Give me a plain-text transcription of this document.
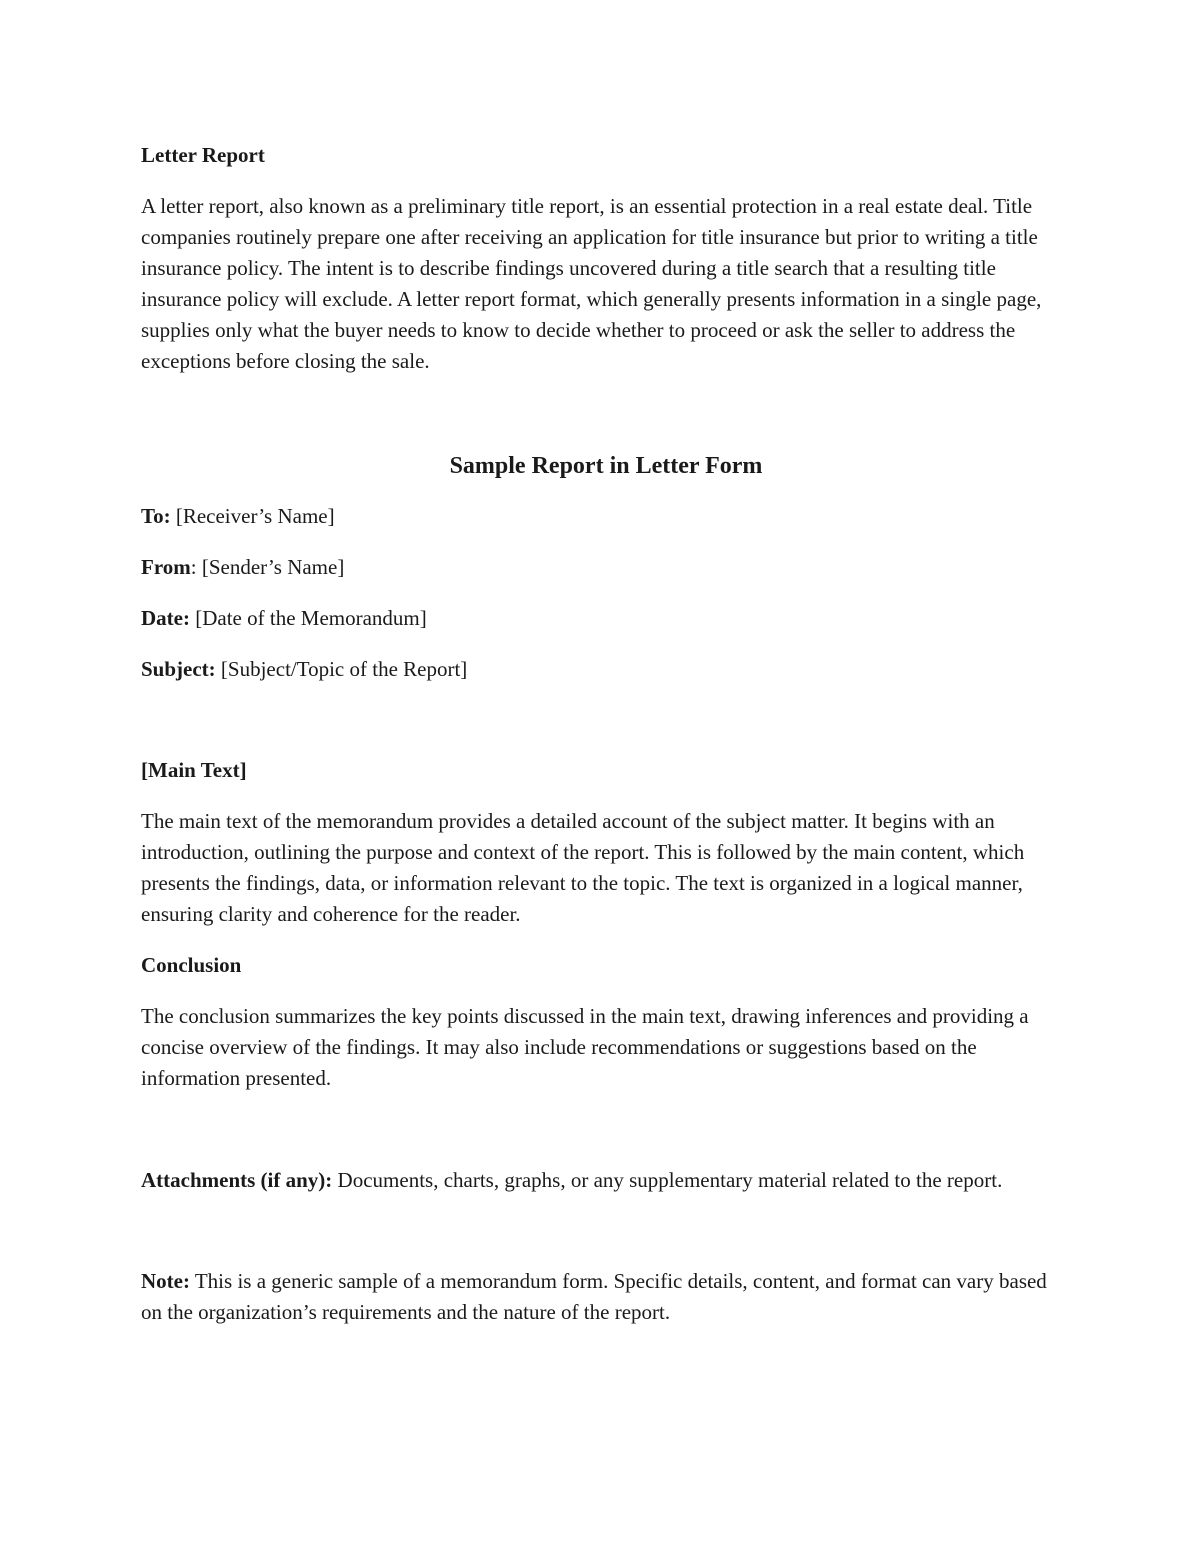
Letter Report

A letter report, also known as a preliminary title report, is an essential protection in a real estate deal. Title companies routinely prepare one after receiving an application for title insurance but prior to writing a title insurance policy. The intent is to describe findings uncovered during a title search that a resulting title insurance policy will exclude. A letter report format, which generally presents information in a single page, supplies only what the buyer needs to know to decide whether to proceed or ask the seller to address the exceptions before closing the sale.

Sample Report in Letter Form

To: [Receiver’s Name]

From: [Sender’s Name]

Date: [Date of the Memorandum]

Subject: [Subject/Topic of the Report]

[Main Text]

The main text of the memorandum provides a detailed account of the subject matter. It begins with an introduction, outlining the purpose and context of the report. This is followed by the main content, which presents the findings, data, or information relevant to the topic. The text is organized in a logical manner, ensuring clarity and coherence for the reader.

Conclusion

The conclusion summarizes the key points discussed in the main text, drawing inferences and providing a concise overview of the findings. It may also include recommendations or suggestions based on the information presented.

Attachments (if any): Documents, charts, graphs, or any supplementary material related to the report.

Note: This is a generic sample of a memorandum form. Specific details, content, and format can vary based on the organization’s requirements and the nature of the report.
